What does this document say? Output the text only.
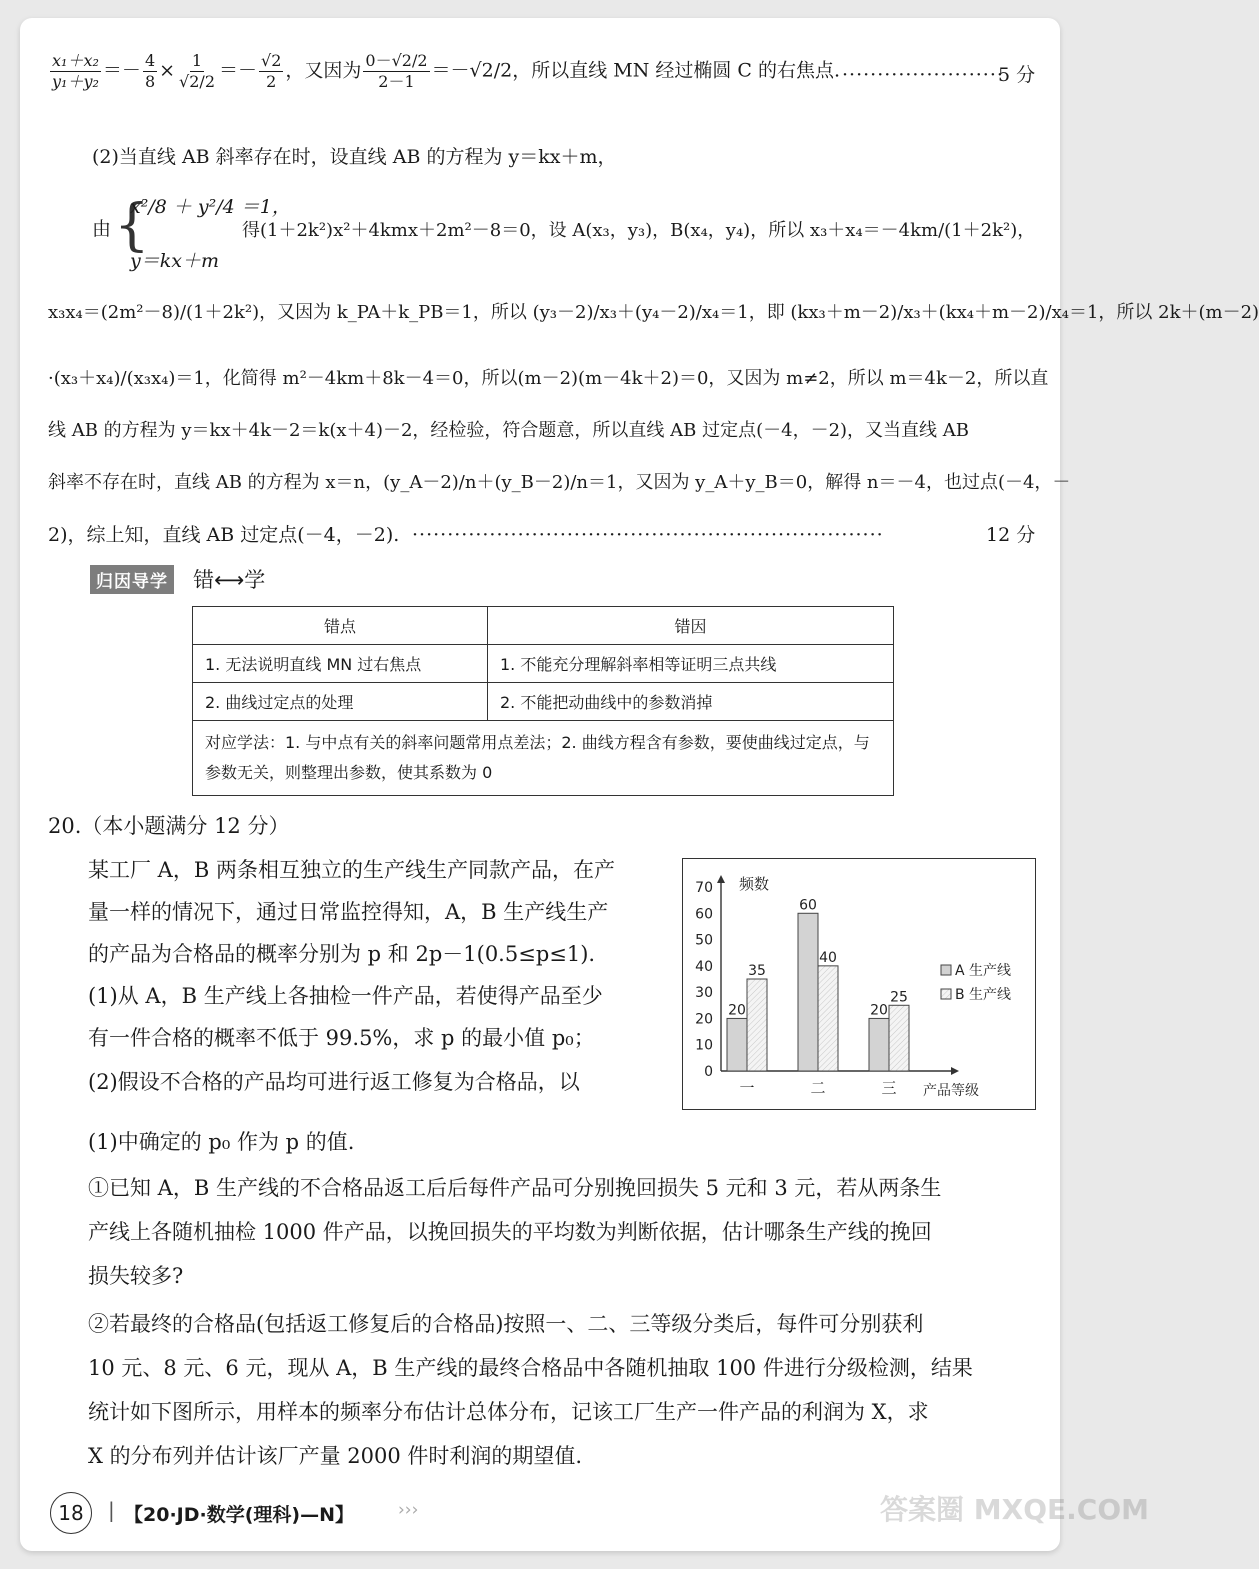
$\frac{\text{x₁＋x₂}}{\text{y₁＋y₂}} =- \frac{4}{8} \times \frac{1}{√2/2} =- \frac{√2}{2}$ ，又因为 $\frac{0-√2/2}{2-1} =-√2/2$，所以直线 MN 经过椭圆 C 的右焦点. ·······················
5 分
(2)当直线 AB 斜率存在时，设直线 AB 的方程为 y＝kx＋m，
由 {
x²/8 ＋ y²/4 ＝1，
y＝kx＋m
得(1＋2k²)x²＋4kmx＋2m²－8＝0，设 A(x₃，y₃)，B(x₄，y₄)，所以 x₃＋x₄＝－4km/(1＋2k²)，
x₃x₄＝(2m²－8)/(1＋2k²)，又因为 k_PA＋k_PB＝1，所以 (y₃－2)/x₃＋(y₄－2)/x₄＝1，即 (kx₃＋m－2)/x₃＋(kx₄＋m－2)/x₄＝1，所以 2k＋(m－2)
·(x₃＋x₄)/(x₃x₄)＝1，化简得 m²－4km＋8k－4＝0，所以(m－2)(m－4k＋2)＝0，又因为 m≠2，所以 m＝4k－2，所以直
线 AB 的方程为 y＝kx＋4k－2＝k(x＋4)－2，经检验，符合题意，所以直线 AB 过定点(－4，－2)，又当直线 AB
斜率不存在时，直线 AB 的方程为 x＝n，(y_A－2)/n＋(y_B－2)/n＝1，又因为 y_A＋y_B＝0，解得 n＝－4，也过点(－4，－
2)，综上知，直线 AB 过定点(－4，－2). ···································································	12 分
归因导学 错⟷学
错点	错因
1. 无法说明直线 MN 过右焦点	1. 不能充分理解斜率相等证明三点共线
2. 曲线过定点的处理	2. 不能把动曲线中的参数消掉
对应学法：1. 与中点有关的斜率问题常用点差法；2. 曲线方程含有参数，要使曲线过定点，与参数无关，则整理出参数，使其系数为 0	
20.（本小题满分 12 分）
某工厂 A，B 两条相互独立的生产线生产同款产品，在产
量一样的情况下，通过日常监控得知，A，B 生产线生产
的产品为合格品的概率分别为 p 和 2p－1(0.5≤p≤1).
(1)从 A，B 生产线上各抽检一件产品，若使得产品至少
有一件合格的概率不低于 99.5%，求 p 的最小值 p₀；
(2)假设不合格的产品均可进行返工修复为合格品，以
(1)中确定的 p₀ 作为 p 的值.
①已知 A，B 生产线的不合格品返工后后每件产品可分别挽回损失 5 元和 3 元，若从两条生
产线上各随机抽检 1000 件产品，以挽回损失的平均数为判断依据，估计哪条生产线的挽回
损失较多?
②若最终的合格品(包括返工修复后的合格品)按照一、二、三等级分类后，每件可分别获利
10 元、8 元、6 元，现从 A，B 生产线的最终合格品中各随机抽取 100 件进行分级检测，结果
统计如下图所示，用样本的频率分布估计总体分布，记该工厂生产一件产品的利润为 X，求
X 的分布列并估计该厂产量 2000 件时利润的期望值.
0
10
20
30
40
50
60
70 频数
20
35
一
60
40
二
20
25
三 产品等级
A 生产线
B 生产线
18	| 【20·JD·数学(理科)—N】	›››	答案圈 MXQE.COM
